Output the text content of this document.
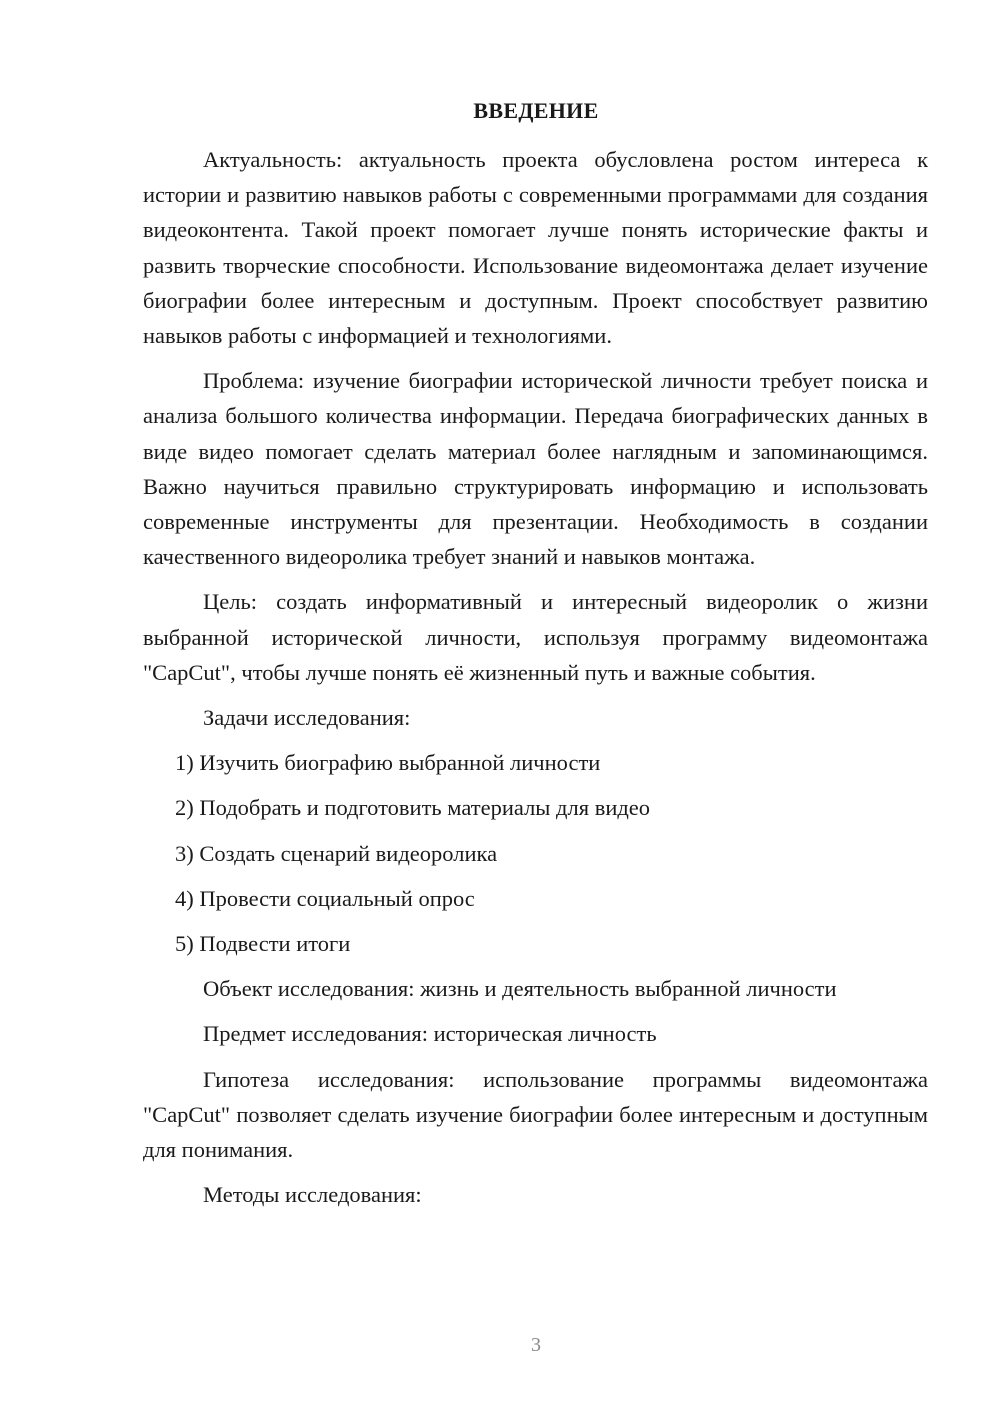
ВВЕДЕНИЕ

Актуальность: актуальность проекта обусловлена ростом интереса к истории и развитию навыков работы с современными программами для создания видеоконтента. Такой проект помогает лучше понять исторические факты и развить творческие способности. Использование видеомонтажа делает изучение биографии более интересным и доступным. Проект способствует развитию навыков работы с информацией и технологиями.

Проблема: изучение биографии исторической личности требует поиска и анализа большого количества информации. Передача биографических данных в виде видео помогает сделать материал более наглядным и запоминающимся. Важно научиться правильно структурировать информацию и использовать современные инструменты для презентации. Необходимость в создании качественного видеоролика требует знаний и навыков монтажа.

Цель: создать информативный и интересный видеоролик о жизни выбранной исторической личности, используя программу видеомонтажа "CapCut", чтобы лучше понять её жизненный путь и важные события.

Задачи исследования:

1) Изучить биографию выбранной личности
2) Подобрать и подготовить материалы для видео
3) Создать сценарий видеоролика
4) Провести социальный опрос
5) Подвести итоги

Объект исследования: жизнь и деятельность выбранной личности

Предмет исследования: историческая личность

Гипотеза исследования: использование программы видеомонтажа "CapCut" позволяет сделать изучение биографии более интересным и доступным для понимания.

Методы исследования:

3
